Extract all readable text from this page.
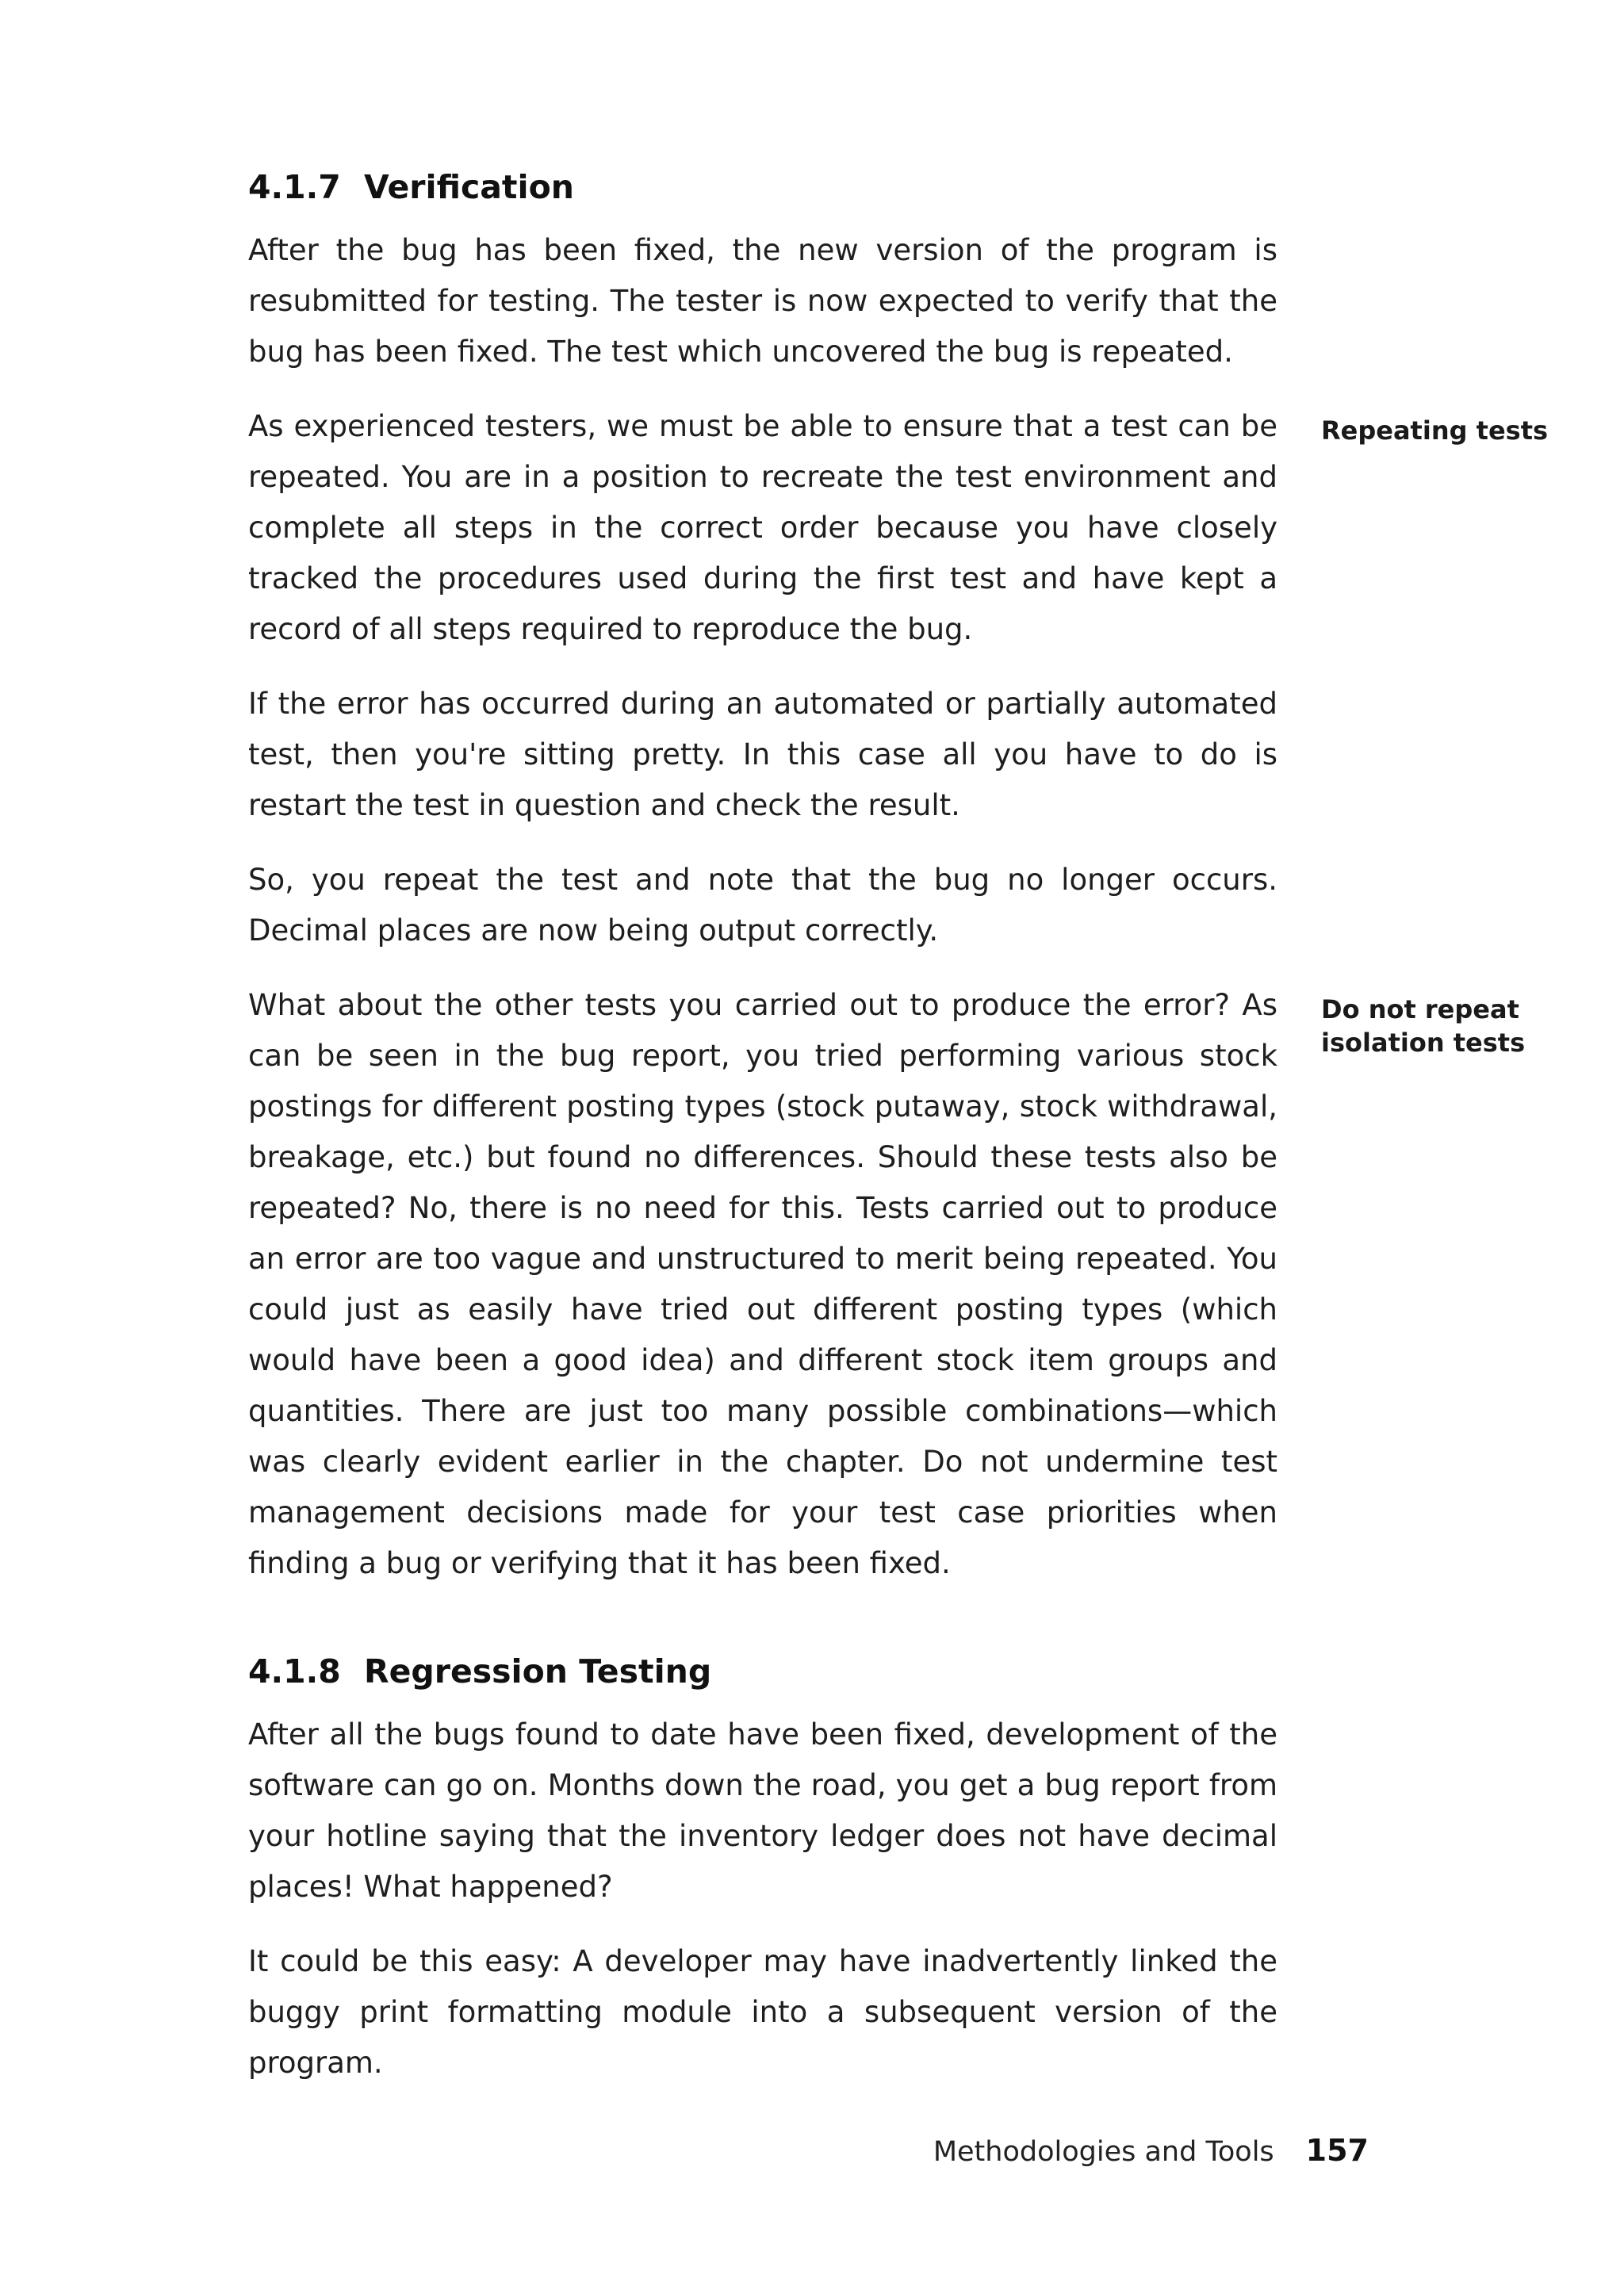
4.1.7 Verification

After the bug has been fixed, the new version of the program is resubmitted for testing. The tester is now expected to verify that the bug has been fixed. The test which uncovered the bug is repeated.

As experienced testers, we must be able to ensure that a test can be repeated. You are in a position to recreate the test environment and complete all steps in the correct order because you have closely tracked the procedures used during the first test and have kept a record of all steps required to reproduce the bug.

If the error has occurred during an automated or partially automated test, then you're sitting pretty. In this case all you have to do is restart the test in question and check the result.

So, you repeat the test and note that the bug no longer occurs. Decimal places are now being output correctly.

What about the other tests you carried out to produce the error? As can be seen in the bug report, you tried performing various stock postings for different posting types (stock putaway, stock withdrawal, breakage, etc.) but found no differences. Should these tests also be repeated? No, there is no need for this. Tests carried out to produce an error are too vague and unstructured to merit being repeated. You could just as easily have tried out different posting types (which would have been a good idea) and different stock item groups and quantities. There are just too many possible combinations—which was clearly evident earlier in the chapter. Do not undermine test management decisions made for your test case priorities when finding a bug or verifying that it has been fixed.

4.1.8 Regression Testing

After all the bugs found to date have been fixed, development of the software can go on. Months down the road, you get a bug report from your hotline saying that the inventory ledger does not have decimal places! What happened?

It could be this easy: A developer may have inadvertently linked the buggy print formatting module into a subsequent version of the program.

Repeating tests
Do not repeat
isolation tests
Methodologies and Tools 157
